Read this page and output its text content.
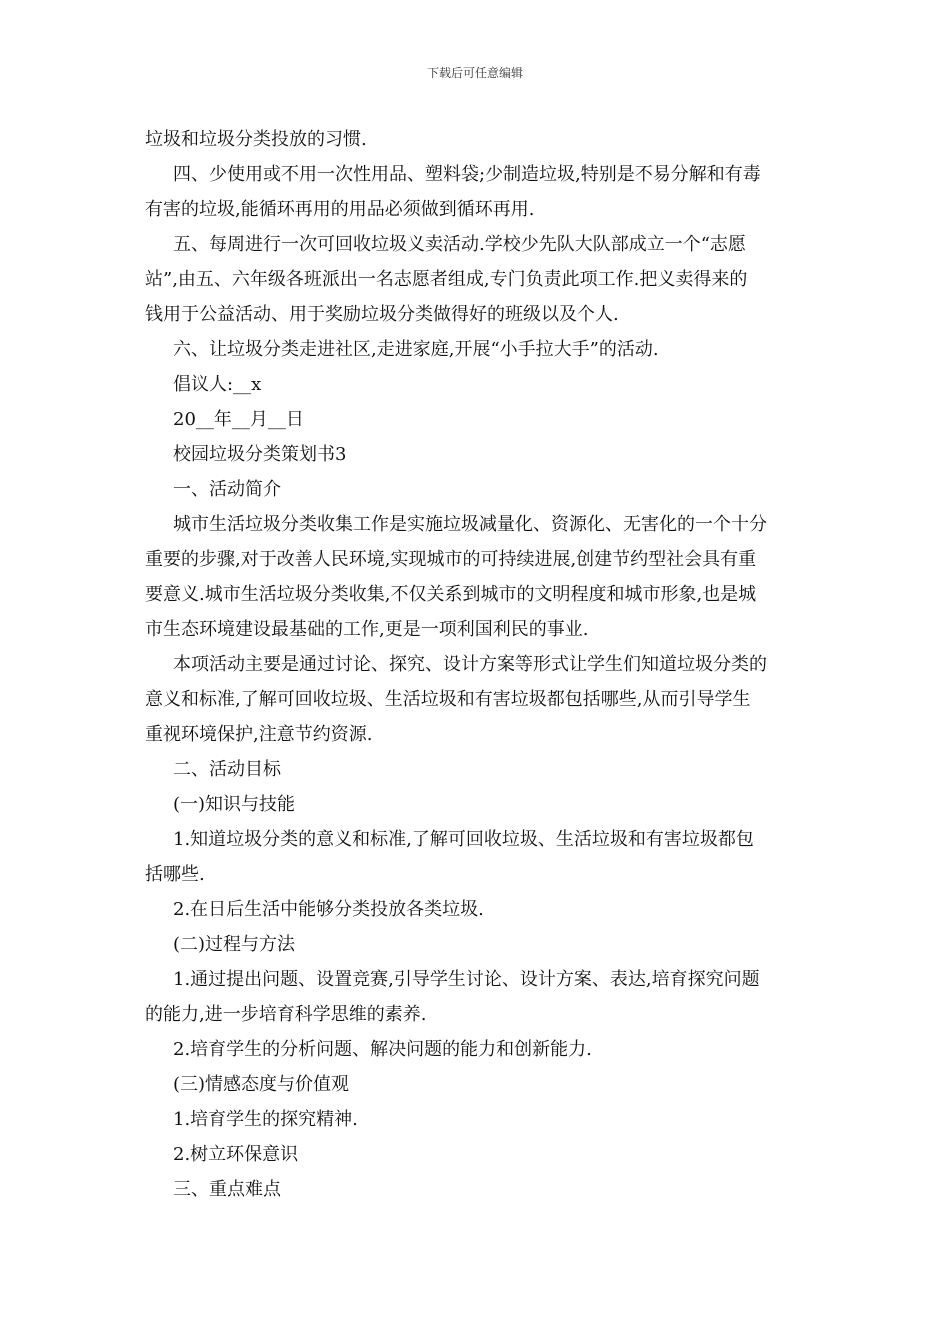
下载后可任意编辑
垃圾和垃圾分类投放的习惯.
四、少使用或不用一次性用品、塑料袋;少制造垃圾,特别是不易分解和有毒
有害的垃圾,能循环再用的用品必须做到循环再用.
五、每周进行一次可回收垃圾义卖活动.学校少先队大队部成立一个“志愿
站”,由五、六年级各班派出一名志愿者组成,专门负责此项工作.把义卖得来的
钱用于公益活动、用于奖励垃圾分类做得好的班级以及个人.
六、让垃圾分类走进社区,走进家庭,开展“小手拉大手”的活动.
倡议人:__x
20__年__月__日
校园垃圾分类策划书3
一、活动简介
城市生活垃圾分类收集工作是实施垃圾减量化、资源化、无害化的一个十分
重要的步骤,对于改善人民环境,实现城市的可持续进展,创建节约型社会具有重
要意义.城市生活垃圾分类收集,不仅关系到城市的文明程度和城市形象,也是城
市生态环境建设最基础的工作,更是一项利国利民的事业.
本项活动主要是通过讨论、探究、设计方案等形式让学生们知道垃圾分类的
意义和标准,了解可回收垃圾、生活垃圾和有害垃圾都包括哪些,从而引导学生
重视环境保护,注意节约资源.
二、活动目标
(一)知识与技能
1.知道垃圾分类的意义和标准,了解可回收垃圾、生活垃圾和有害垃圾都包
括哪些.
2.在日后生活中能够分类投放各类垃圾.
(二)过程与方法
1.通过提出问题、设置竞赛,引导学生讨论、设计方案、表达,培育探究问题
的能力,进一步培育科学思维的素养.
2.培育学生的分析问题、解决问题的能力和创新能力.
(三)情感态度与价值观
1.培育学生的探究精神.
2.树立环保意识
三、重点难点
